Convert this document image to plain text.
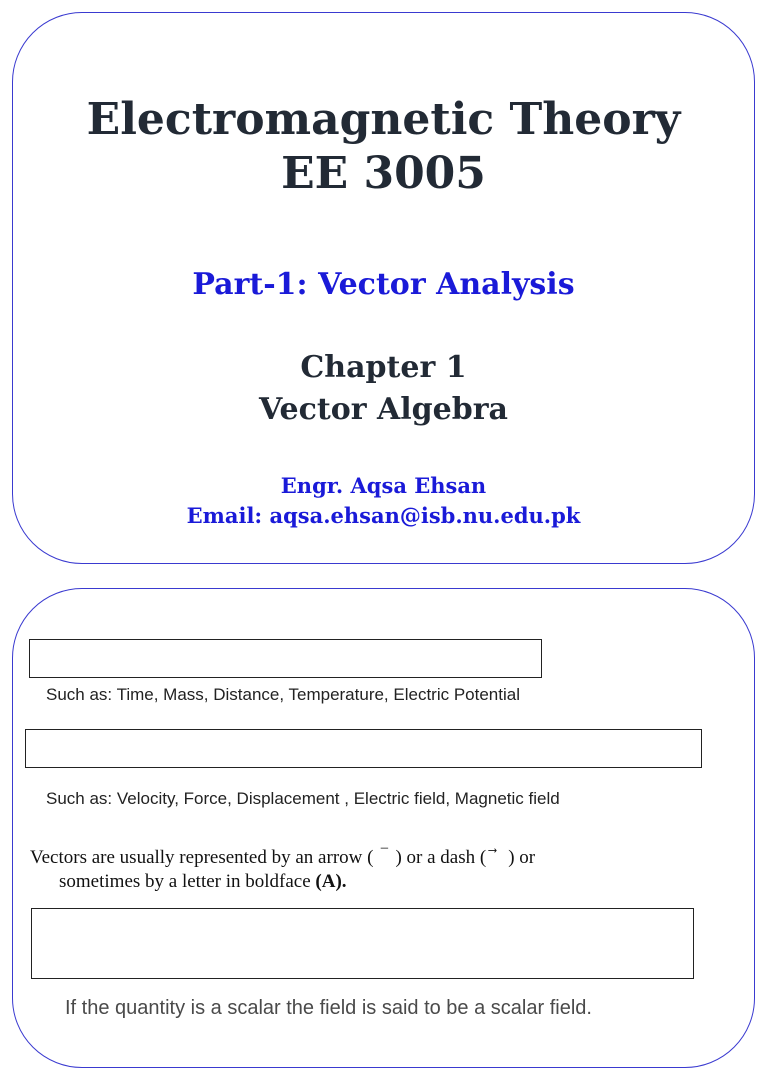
Electromagnetic Theory
EE 3005
Part-1: Vector Analysis
Chapter 1
Vector Algebra
Engr. Aqsa Ehsan
Email: aqsa.ehsan@isb.nu.edu.pk
Such as: Time, Mass, Distance, Temperature, Electric Potential
Such as: Velocity, Force, Displacement , Electric field, Magnetic field
Vectors are usually represented by an arrow ( ‾ ) or a dash ( ) or
sometimes by a letter in boldface (A).
If the quantity is a scalar the field is said to be a scalar field.
